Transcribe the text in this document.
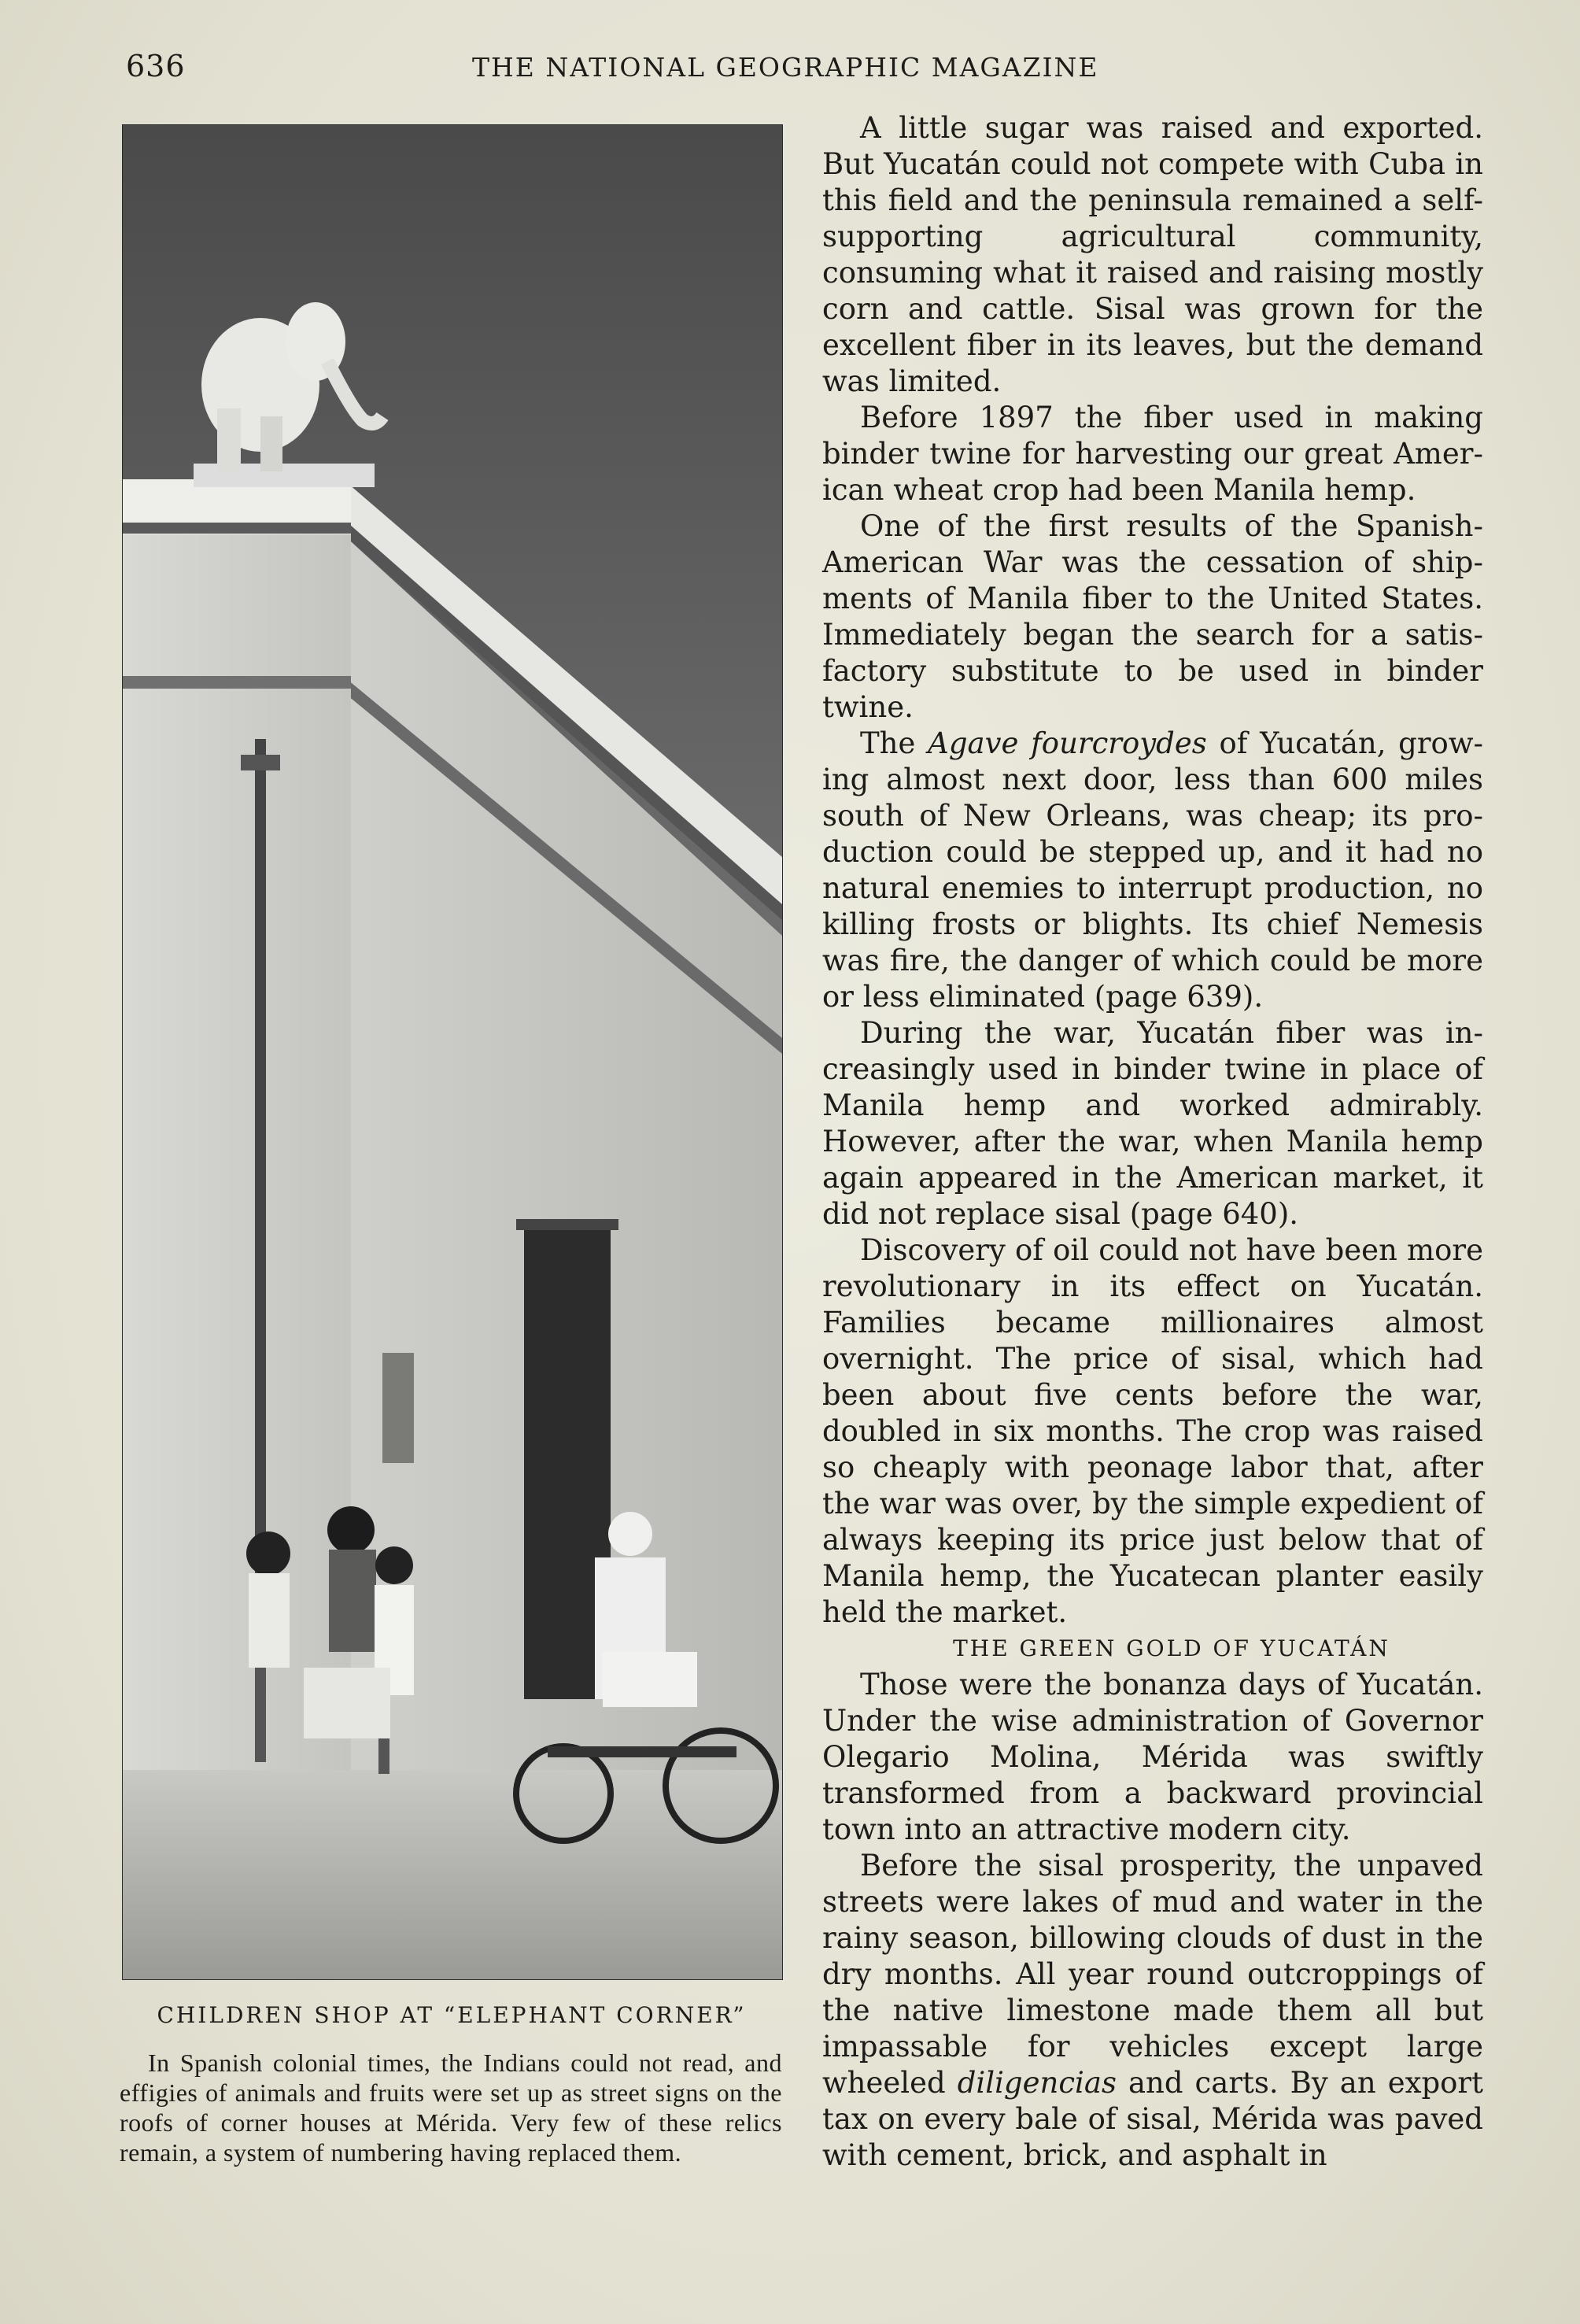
636	THE NATIONAL GEOGRAPHIC MAGAZINE
CHILDREN SHOP AT “ELEPHANT CORNER”
In Spanish colonial times, the Indians could not read, and effigies of animals and fruits were set up as street signs on the roofs of corner houses at Mérida. Very few of these relics remain, a system of numbering having replaced them.

A little sugar was raised and exported. But Yucatán could not compete with Cuba in this field and the peninsula remained a self-supporting agricultural community, consuming what it raised and raising mostly corn and cattle. Sisal was grown for the excellent fiber in its leaves, but the demand was limited.

Before 1897 the fiber used in making binder twine for harvesting our great American wheat crop had been Manila hemp.

One of the first results of the Spanish-American War was the cessation of shipments of Manila fiber to the United States. Immediately began the search for a satisfactory substitute to be used in binder twine.

The Agave fourcroydes of Yucatán, growing almost next door, less than 600 miles south of New Orleans, was cheap; its production could be stepped up, and it had no natural enemies to interrupt production, no killing frosts or blights. Its chief Nemesis was fire, the danger of which could be more or less eliminated (page 639).

During the war, Yucatán fiber was increasingly used in binder twine in place of Manila hemp and worked admirably. However, after the war, when Manila hemp again appeared in the American market, it did not replace sisal (page 640).

Discovery of oil could not have been more revolutionary in its effect on Yucatán. Families became millionaires almost overnight. The price of sisal, which had been about five cents before the war, doubled in six months. The crop was raised so cheaply with peonage labor that, after the war was over, by the simple expedient of always keeping its price just below that of Manila hemp, the Yucatecan planter easily held the market.

THE GREEN GOLD OF YUCATÁN

Those were the bonanza days of Yucatán. Under the wise administration of Governor Olegario Molina, Mérida was swiftly transformed from a backward provincial town into an attractive modern city.

Before the sisal prosperity, the unpaved streets were lakes of mud and water in the rainy season, billowing clouds of dust in the dry months. All year round outcroppings of the native limestone made them all but impassable for vehicles except large wheeled diligencias and carts. By an export tax on every bale of sisal, Mérida was paved with cement, brick, and asphalt in
